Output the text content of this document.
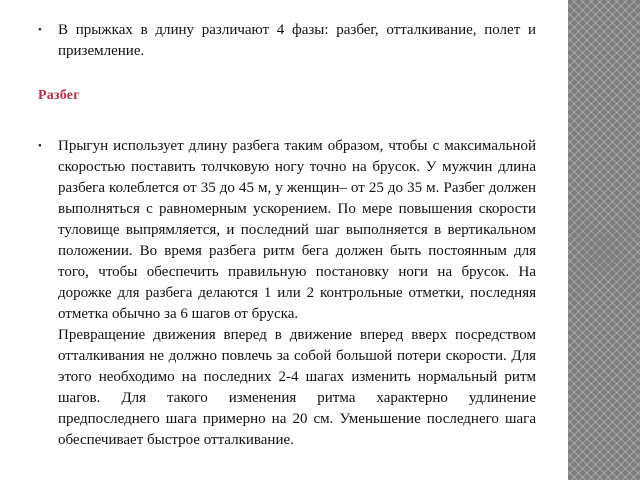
• В прыжках в длину различают 4 фазы: разбег, отталкивание, полет и приземление.
Разбег
• Прыгун использует длину разбега таким образом, чтобы с максимальной скоростью поставить толчковую ногу точно на брусок. У мужчин длина разбега колеблется от 35 до 45 м, у женщин– от 25 до 35 м. Разбег должен выполняться с равномерным ускорением. По мере повышения скорости туловище выпрямляется, и последний шаг выполняется в вертикальном положении. Во время разбега ритм бега должен быть постоянным для того, чтобы обеспечить правильную постановку ноги на брусок. На дорожке для разбега делаются 1 или 2 контрольные отметки, последняя отметка обычно за 6 шагов от бруска.
Превращение движения вперед в движение вперед вверх посредством отталкивания не должно повлечь за собой большой потери скорости. Для этого необходимо на последних 2-4 шагах изменить нормальный ритм шагов. Для такого изменения ритма характерно удлинение предпоследнего шага примерно на 20 см. Уменьшение последнего шага обеспечивает быстрое отталкивание.
